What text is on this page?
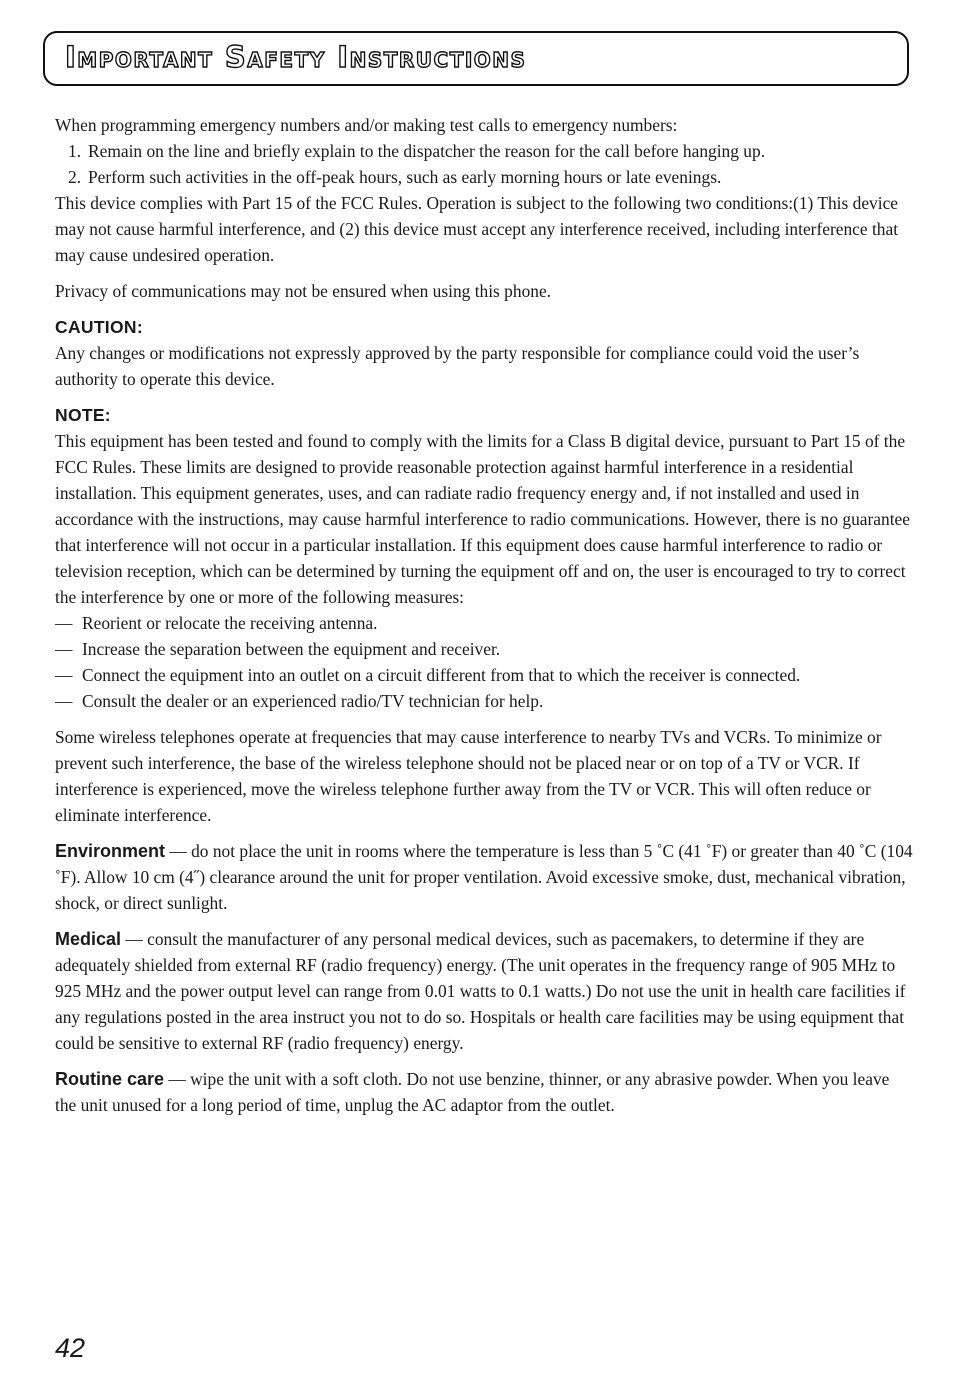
Important Safety Instructions

When programming emergency numbers and/or making test calls to emergency numbers:

1. Remain on the line and briefly explain to the dispatcher the reason for the call before hanging up.
2. Perform such activities in the off-peak hours, such as early morning hours or late evenings.

This device complies with Part 15 of the FCC Rules. Operation is subject to the following two conditions:(1) This device may not cause harmful interference, and (2) this device must accept any interference received, including interference that may cause undesired operation.

Privacy of communications may not be ensured when using this phone.

CAUTION:

Any changes or modifications not expressly approved by the party responsible for compliance could void the user’s authority to operate this device.

NOTE:

This equipment has been tested and found to comply with the limits for a Class B digital device, pursuant to Part 15 of the FCC Rules. These limits are designed to provide reasonable protection against harmful interference in a residential installation. This equipment generates, uses, and can radiate radio frequency energy and, if not installed and used in accordance with the instructions, may cause harmful interference to radio communications. However, there is no guarantee that interference will not occur in a particular installation. If this equipment does cause harmful interference to radio or television reception, which can be determined by turning the equipment off and on, the user is encouraged to try to correct the interference by one or more of the following measures:

— Reorient or relocate the receiving antenna.
— Increase the separation between the equipment and receiver.
— Connect the equipment into an outlet on a circuit different from that to which the receiver is connected.
— Consult the dealer or an experienced radio/TV technician for help.

Some wireless telephones operate at frequencies that may cause interference to nearby TVs and VCRs. To minimize or prevent such interference, the base of the wireless telephone should not be placed near or on top of a TV or VCR. If interference is experienced, move the wireless telephone further away from the TV or VCR. This will often reduce or eliminate interference.

Environment — do not place the unit in rooms where the temperature is less than 5 ˚C (41 ˚F) or greater than 40 ˚C (104 ˚F). Allow 10 cm (4˝) clearance around the unit for proper ventilation. Avoid excessive smoke, dust, mechanical vibration, shock, or direct sunlight.

Medical — consult the manufacturer of any personal medical devices, such as pacemakers, to determine if they are adequately shielded from external RF (radio frequency) energy. (The unit operates in the frequency range of 905 MHz to 925 MHz and the power output level can range from 0.01 watts to 0.1 watts.) Do not use the unit in health care facilities if any regulations posted in the area instruct you not to do so. Hospitals or health care facilities may be using equipment that could be sensitive to external RF (radio frequency) energy.

Routine care — wipe the unit with a soft cloth. Do not use benzine, thinner, or any abrasive powder. When you leave the unit unused for a long period of time, unplug the AC adaptor from the outlet.

42
